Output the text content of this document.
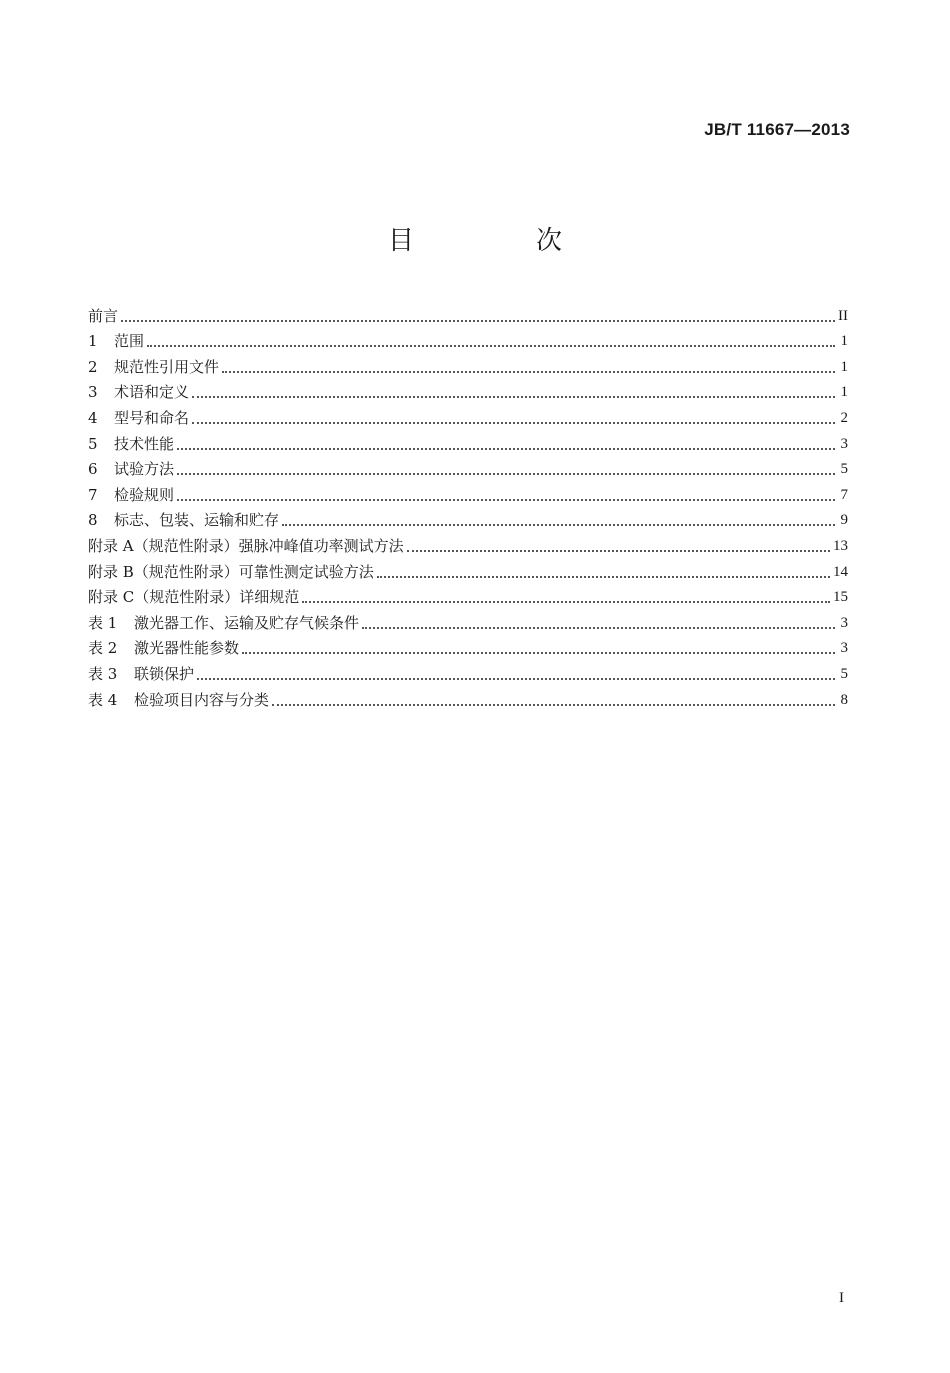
JB/T 11667—2013
目　次
前言	II
1	范围	1
2	规范性引用文件	1
3	术语和定义	1
4	型号和命名	2
5	技术性能	3
6	试验方法	5
7	检验规则	7
8	标志、包装、运输和贮存	9
附录 A（规范性附录）强脉冲峰值功率测试方法	13
附录 B（规范性附录）可靠性测定试验方法	14
附录 C（规范性附录）详细规范	15
表 1	激光器工作、运输及贮存气候条件	3
表 2	激光器性能参数	3
表 3	联锁保护	5
表 4	检验项目内容与分类	8
I
